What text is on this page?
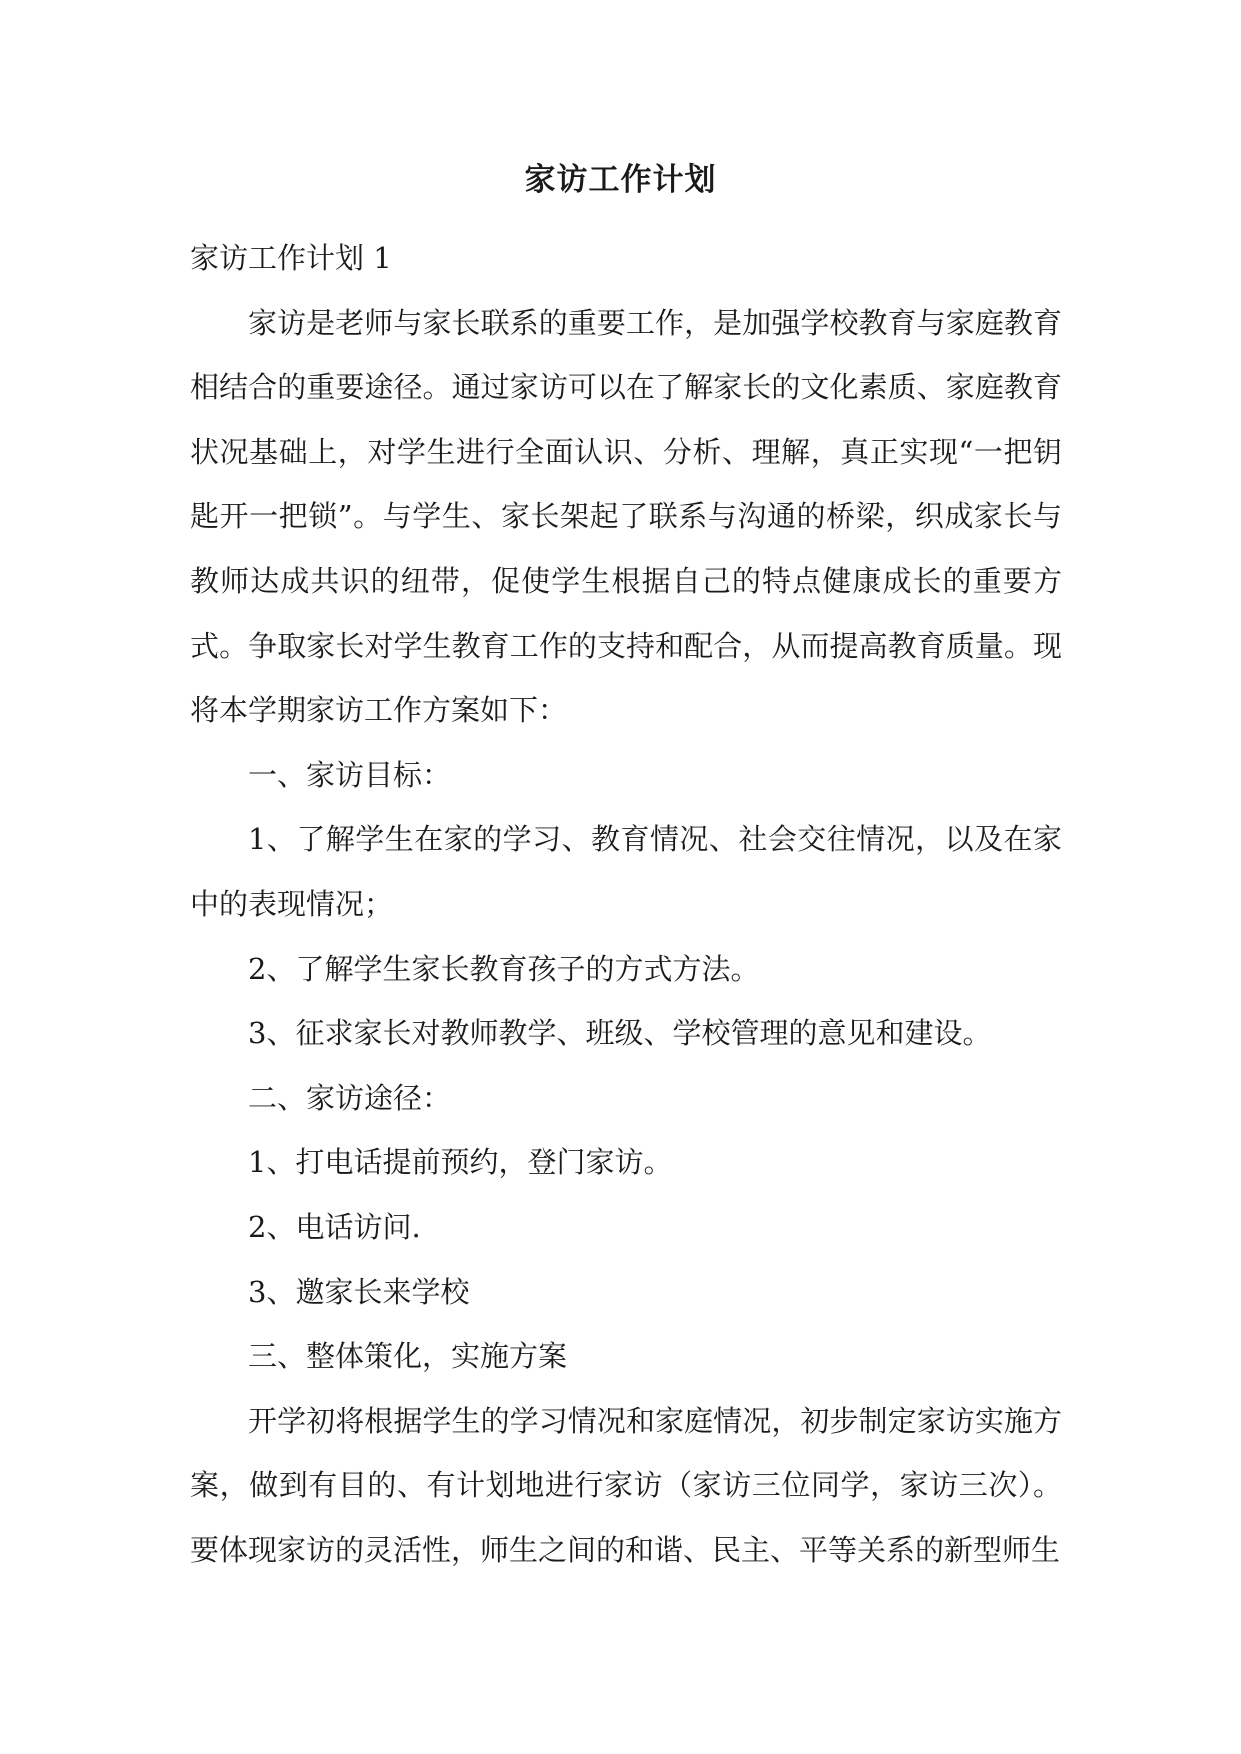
家访工作计划

家访工作计划 1

家访是老师与家长联系的重要工作，是加强学校教育与家庭教育相结合的重要途径。通过家访可以在了解家长的文化素质、家庭教育状况基础上，对学生进行全面认识、分析、理解，真正实现“一把钥匙开一把锁”。与学生、家长架起了联系与沟通的桥梁，织成家长与教师达成共识的纽带，促使学生根据自己的特点健康成长的重要方式。争取家长对学生教育工作的支持和配合，从而提高教育质量。现将本学期家访工作方案如下：

一、家访目标：

1、了解学生在家的学习、教育情况、社会交往情况，以及在家中的表现情况；

2、了解学生家长教育孩子的方式方法。

3、征求家长对教师教学、班级、学校管理的意见和建设。

二、家访途径：

1、打电话提前预约，登门家访。

2、电话访问.

3、邀家长来学校

三、整体策化，实施方案

开学初将根据学生的学习情况和家庭情况，初步制定家访实施方案，做到有目的、有计划地进行家访（家访三位同学，家访三次）。要体现家访的灵活性，师生之间的和谐、民主、平等关系的新型师生
